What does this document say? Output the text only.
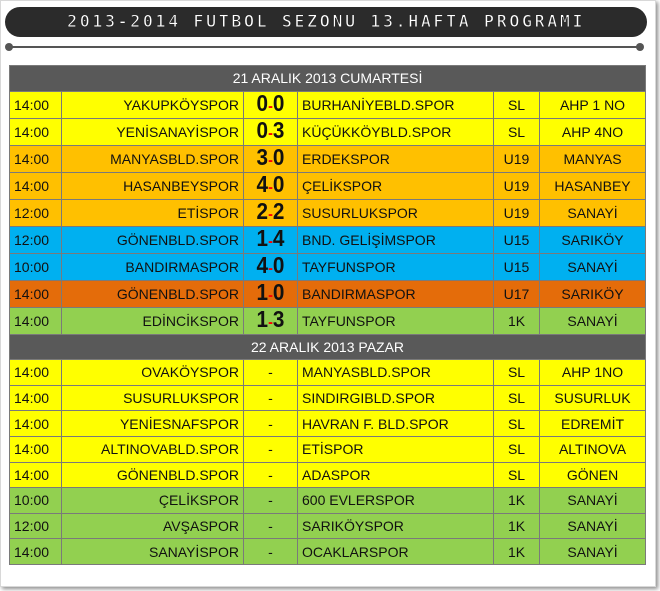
2013-2014 FUTBOL SEZONU 13.HAFTA PROGRAMI
21 ARALIK 2013 CUMARTESİ					
14:00	YAKUPKÖYSPOR	0-0	BURHANİYEBLD.SPOR	SL	AHP 1 NO
14:00	YENİSANAYİSPOR	0-3	KÜÇÜKKÖYBLD.SPOR	SL	AHP 4NO
14:00	MANYASBLD.SPOR	3-0	ERDEKSPOR	U19	MANYAS
14:00	HASANBEYSPOR	4-0	ÇELİKSPOR	U19	HASANBEY
12:00	ETİSPOR	2-2	SUSURLUKSPOR	U19	SANAYİ
12:00	GÖNENBLD.SPOR	1-4	BND. GELİŞİMSPOR	U15	SARIKÖY
10:00	BANDIRMASPOR	4-0	TAYFUNSPOR	U15	SANAYİ
14:00	GÖNENBLD.SPOR	1-0	BANDIRMASPOR	U17	SARIKÖY
14:00	EDİNCİKSPOR	1-3	TAYFUNSPOR	1K	SANAYİ
22 ARALIK 2013 PAZAR					
14:00	OVAKÖYSPOR	-	MANYASBLD.SPOR	SL	AHP 1NO
14:00	SUSURLUKSPOR	-	SINDIRGIBLD.SPOR	SL	SUSURLUK
14:00	YENİESNAFSPOR	-	HAVRAN F. BLD.SPOR	SL	EDREMİT
14:00	ALTINOVABLD.SPOR	-	ETİSPOR	SL	ALTINOVA
14:00	GÖNENBLD.SPOR	-	ADASPOR	SL	GÖNEN
10:00	ÇELİKSPOR	-	600 EVLERSPOR	1K	SANAYİ
12:00	AVŞASPOR	-	SARIKÖYSPOR	1K	SANAYİ
14:00	SANAYİSPOR	-	OCAKLARSPOR	1K	SANAYİ
